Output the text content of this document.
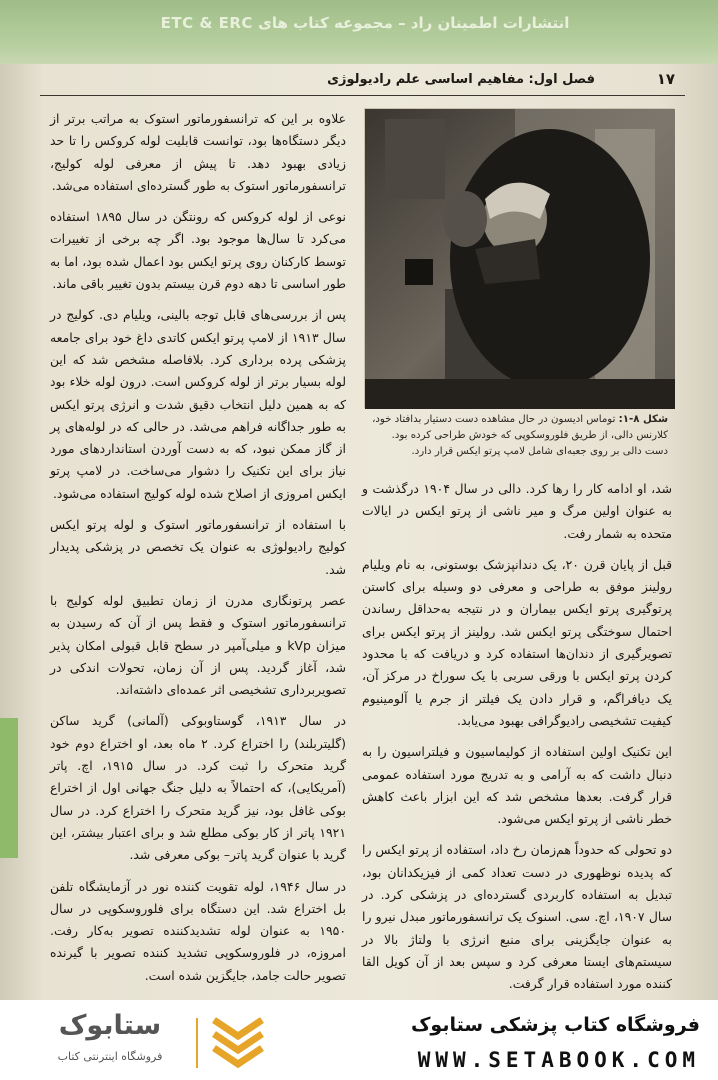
انتشارات اطمینان راد – مجموعه کتاب های ETC & ERC
۱۷
فصل اول: مفاهیم اساسی علم رادیولوژی
شکل ۸-۱: توماس ادیسون در حال مشاهده دست دستیار بدافتاد خود، کلارنس دالی، از طریق فلوروسکوپی که خودش طراحی کرده بود. دست دالی بر روی جعبه‌ای شامل لامپ پرتو ایکس قرار دارد.

علاوه بر این که ترانسفورماتور استوک به مراتب برتر از دیگر دستگاه‌ها بود، توانست قابلیت لوله کروکس را تا حد زیادی بهبود دهد. تا پیش از معرفی لوله کولیج، ترانسفورماتور استوک به طور گسترده‌ای استفاده می‌شد.

نوعی از لوله کروکس که رونتگن در سال ۱۸۹۵ استفاده می‌کرد تا سال‌ها موجود بود. اگر چه برخی از تغییرات توسط کارکنان روی پرتو ایکس بود اعمال شده بود، اما به طور اساسی تا دهه دوم قرن بیستم بدون تغییر باقی ماند.

پس از بررسی‌های قابل توجه بالینی، ویلیام دی. کولیج در سال ۱۹۱۳ از لامپ پرتو ایکس کاتدی داغ خود برای جامعه پزشکی پرده برداری کرد. بلافاصله مشخص شد که این لوله بسیار برتر از لوله کروکس است. درون لوله خلاء بود که به همین دلیل انتخاب دقیق شدت و انرژی پرتو ایکس به طور جداگانه فراهم می‌شد. در حالی که در لوله‌های پر از گاز ممکن نبود، که به دست آوردن استانداردهای مورد نیاز برای این تکنیک را دشوار می‌ساخت. در لامپ پرتو ایکس امروزی از اصلاح شده لوله کولیج استفاده می‌شود.

با استفاده از ترانسفورماتور استوک و لوله پرتو ایکس کولیج رادیولوژی به عنوان یک تخصص در پزشکی پدیدار شد.

عصر پرتونگاری مدرن از زمان تطبیق لوله کولیج با ترانسفورماتور استوک و فقط پس از آن که رسیدن به میزان kVp و میلی‌آمپر در سطح قابل قبولی امکان پذیر شد، آغاز گردید. پس از آن زمان، تحولات اندکی در تصویربرداری تشخیصی اثر عمده‌ای داشته‌اند.

در سال ۱۹۱۳، گوستاوبوکی (آلمانی) گرید ساکن (گلیتربلند) را اختراع کرد. ۲ ماه بعد، او اختراع دوم خود گرید متحرک را ثبت کرد. در سال ۱۹۱۵، اچ. پاتر (آمریکایی)، که احتمالاً به دلیل جنگ جهانی اول از اختراع بوکی غافل بود، نیز گرید متحرک را اختراع کرد. در سال ۱۹۲۱ پاتر از کار بوکی مطلع شد و برای اعتبار بیشتر، این گرید با عنوان گرید پاتر– بوکی معرفی شد.

در سال ۱۹۴۶، لوله تقویت کننده نور در آزمایشگاه تلفن بل اختراع شد. این دستگاه برای فلوروسکوپی در سال ۱۹۵۰ به عنوان لوله تشدیدکننده تصویر به‌کار رفت. امروزه، در فلوروسکوپی تشدید کننده تصویر با گیرنده تصویر حالت جامد، جایگزین شده است.

شد، او ادامه کار را رها کرد. دالی در سال ۱۹۰۴ درگذشت و به عنوان اولین مرگ و میر ناشی از پرتو ایکس در ایالات متحده به شمار رفت.

قبل از پایان قرن ۲۰، یک دندانپزشک بوستونی، به نام ویلیام رولینز موفق به طراحی و معرفی دو وسیله برای کاستن پرتوگیری پرتو ایکس بیماران و در نتیجه به‌حداقل رساندن احتمال سوختگی پرتو ایکس شد. رولینز از پرتو ایکس برای تصویرگیری از دندان‌ها استفاده کرد و دریافت که با محدود کردن پرتو ایکس با ورقی سربی با یک سوراخ در مرکز آن، یک دیافراگم، و قرار دادن یک فیلتر از جرم یا آلومینیوم کیفیت تشخیصی رادیوگرافی بهبود می‌یابد.

این تکنیک اولین استفاده از کولیماسیون و فیلتراسیون را به دنبال داشت که به آرامی و به تدریج مورد استفاده عمومی قرار گرفت. بعدها مشخص شد که این ابزار باعث کاهش خطر ناشی از پرتو ایکس می‌شود.

دو تحولی که حدوداً هم‌زمان رخ داد، استفاده از پرتو ایکس را که پدیده نوظهوری در دست تعداد کمی از فیزیکدانان بود، تبدیل به استفاده کاربردی گسترده‌ای در پزشکی کرد. در سال ۱۹۰۷، اچ. سی. اسنوک یک ترانسفورماتور مبدل نیرو را به عنوان جایگزینی برای منبع انرژی با ولتاژ بالا در سیستم‌های ایستا معرفی کرد و سپس بعد از آن کویل القا کننده مورد استفاده قرار گرفت.

فروشگاه کتاب پزشکی ستابوک
WWW.SETABOOK.COM
ستابوک
فروشگاه اینترنتی کتاب
